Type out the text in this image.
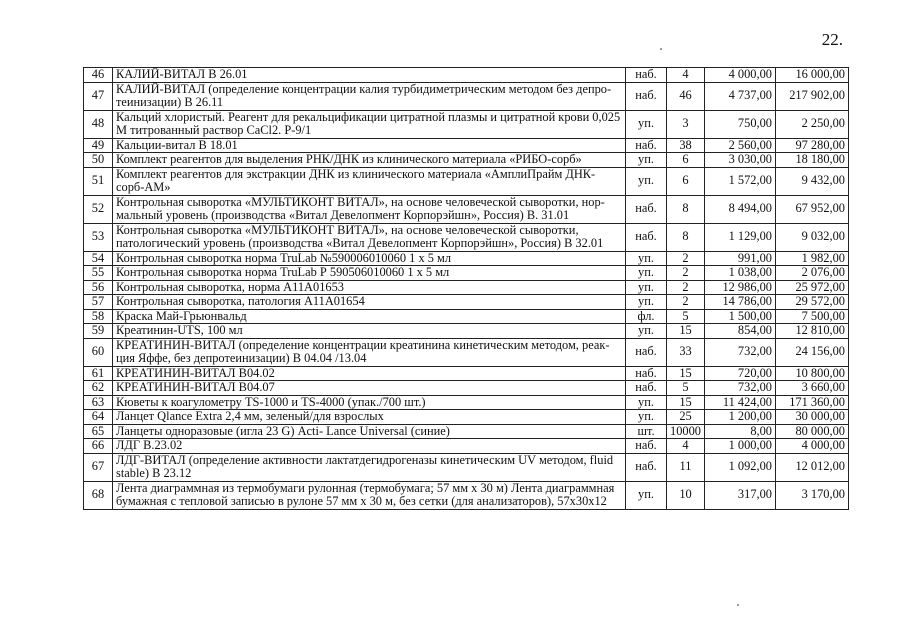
22.
46	КАЛИЙ-ВИТАЛ В 26.01	наб.	4	4 000,00	16 000,00
47	КАЛИЙ-ВИТАЛ (определение концентрации калия турбидиметрическим методом без депро-теинизации) В 26.11	наб.	46	4 737,00	217 902,00
48	Кальций хлористый. Реагент для рекальцификации цитратной плазмы и цитратной крови 0,025 М титрованный раствор CaCl2. Р-9/1	уп.	3	750,00	2 250,00
49	Кальции-витал В 18.01	наб.	38	2 560,00	97 280,00
50	Комплект реагентов для выделения РНК/ДНК из клинического материала «РИБО-сорб»	уп.	6	3 030,00	18 180,00
51	Комплект реагентов для экстракции ДНК из клинического материала «АмплиПрайм ДНК-сорб-АМ»	уп.	6	1 572,00	9 432,00
52	Контрольная сыворотка «МУЛЬТИКОНТ ВИТАЛ», на основе человеческой сыворотки, нор-мальный уровень (производства «Витал Девелопмент Корпорэйшн», Россия) В. 31.01	наб.	8	8 494,00	67 952,00
53	Контрольная сыворотка «МУЛЬТИКОНТ ВИТАЛ», на основе человеческой сыворотки, патологический уровень (производства «Витал Девелопмент Корпорэйшн», Россия) В 32.01	наб.	8	1 129,00	9 032,00
54	Контрольная сыворотка норма TruLab №590006010060 1 х 5 мл	уп.	2	991,00	1 982,00
55	Контрольная сыворотка норма TruLab Р 590506010060 1 х 5 мл	уп.	2	1 038,00	2 076,00
56	Контрольная сыворотка, норма A11A01653	уп.	2	12 986,00	25 972,00
57	Контрольная сыворотка, патология A11A01654	уп.	2	14 786,00	29 572,00
58	Краска Май-Грьюнвальд	фл.	5	1 500,00	7 500,00
59	Креатинин-UTS, 100 мл	уп.	15	854,00	12 810,00
60	КРЕАТИНИН-ВИТАЛ (определение концентрации креатинина кинетическим методом, реак-ция Яффе, без депротеинизации) В 04.04 /13.04	наб.	33	732,00	24 156,00
61	КРЕАТИНИН-ВИТАЛ В04.02	наб.	15	720,00	10 800,00
62	КРЕАТИНИН-ВИТАЛ В04.07	наб.	5	732,00	3 660,00
63	Кюветы к коагулометру TS-1000 и TS-4000 (упак./700 шт.)	уп.	15	11 424,00	171 360,00
64	Ланцет Qlance Extra 2,4 мм, зеленый/для взрослых	уп.	25	1 200,00	30 000,00
65	Ланцеты одноразовые (игла 23 G) Acti- Lance Universal (синие)	шт.	10000	8,00	80 000,00
66	ЛДГ В.23.02	наб.	4	1 000,00	4 000,00
67	ЛДГ-ВИТАЛ (определение активности лактатдегидрогеназы кинетическим UV методом, fluid stable) В 23.12	наб.	11	1 092,00	12 012,00
68	Лента диаграммная из термобумаги рулонная (термобумага; 57 мм х 30 м) Лента диаграммная бумажная с тепловой записью в рулоне 57 мм х 30 м, без сетки (для анализаторов), 57х30х12	уп.	10	317,00	3 170,00
